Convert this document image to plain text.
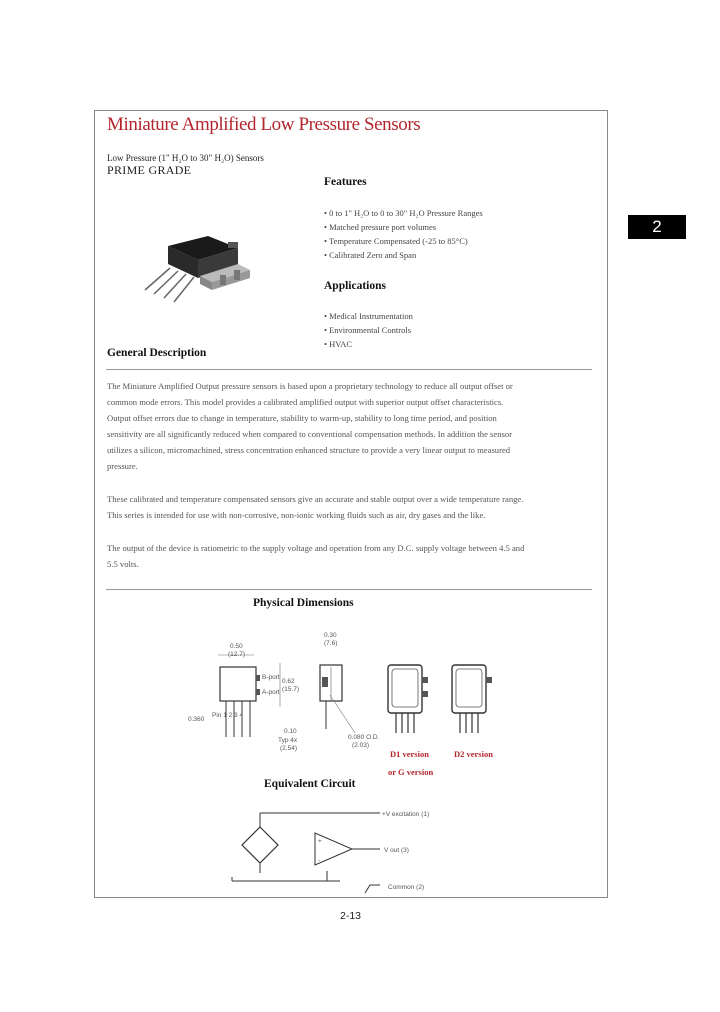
Miniature Amplified Low Pressure Sensors
Low Pressure (1" H₂O to 30" H₂O) Sensors
PRIME GRADE
2
Features
• 0 to 1" H₂O to 0 to 30" H₂O Pressure Ranges
• Matched pressure port volumes
• Temperature Compensated (-25 to 85°C)
• Calibrated Zero and Span
Applications
• Medical Instrumentation
• Environmental Controls
• HVAC
General Description

The Miniature Amplified Output pressure sensors is based upon a proprietary technology to reduce all output offset or common mode errors. This model provides a calibrated amplified output with superior output offset characteristics. Output offset errors due to change in temperature, stability to warm-up, stability to long time period, and position sensitivity are all significantly reduced when compared to conventional compensation methods. In addition the sensor utilizes a silicon, micromachined, stress concentration enhanced structure to provide a very linear output to measured pressure.

These calibrated and temperature compensated sensors give an accurate and stable output over a wide temperature range. This series is intended for use with non-corrosive, non-ionic working fluids such as air, dry gases and the like.

The output of the device is ratiometric to the supply voltage and operation from any D.C. supply voltage between 4.5 and 5.5 volts.

Physical Dimensions
0.50
(12.7)
B-port
A-port
0.62
(15.7)
Pin 1 2 3 4
0.360
0.10
Typ 4x
(2.54)
0.30
(7.6)
0.080 O.D.
(2.03)
D1 version
or G version
D2 version
Equivalent Circuit
+
-
+V excitation (1)
V out (3)
Common (2)
2-13
